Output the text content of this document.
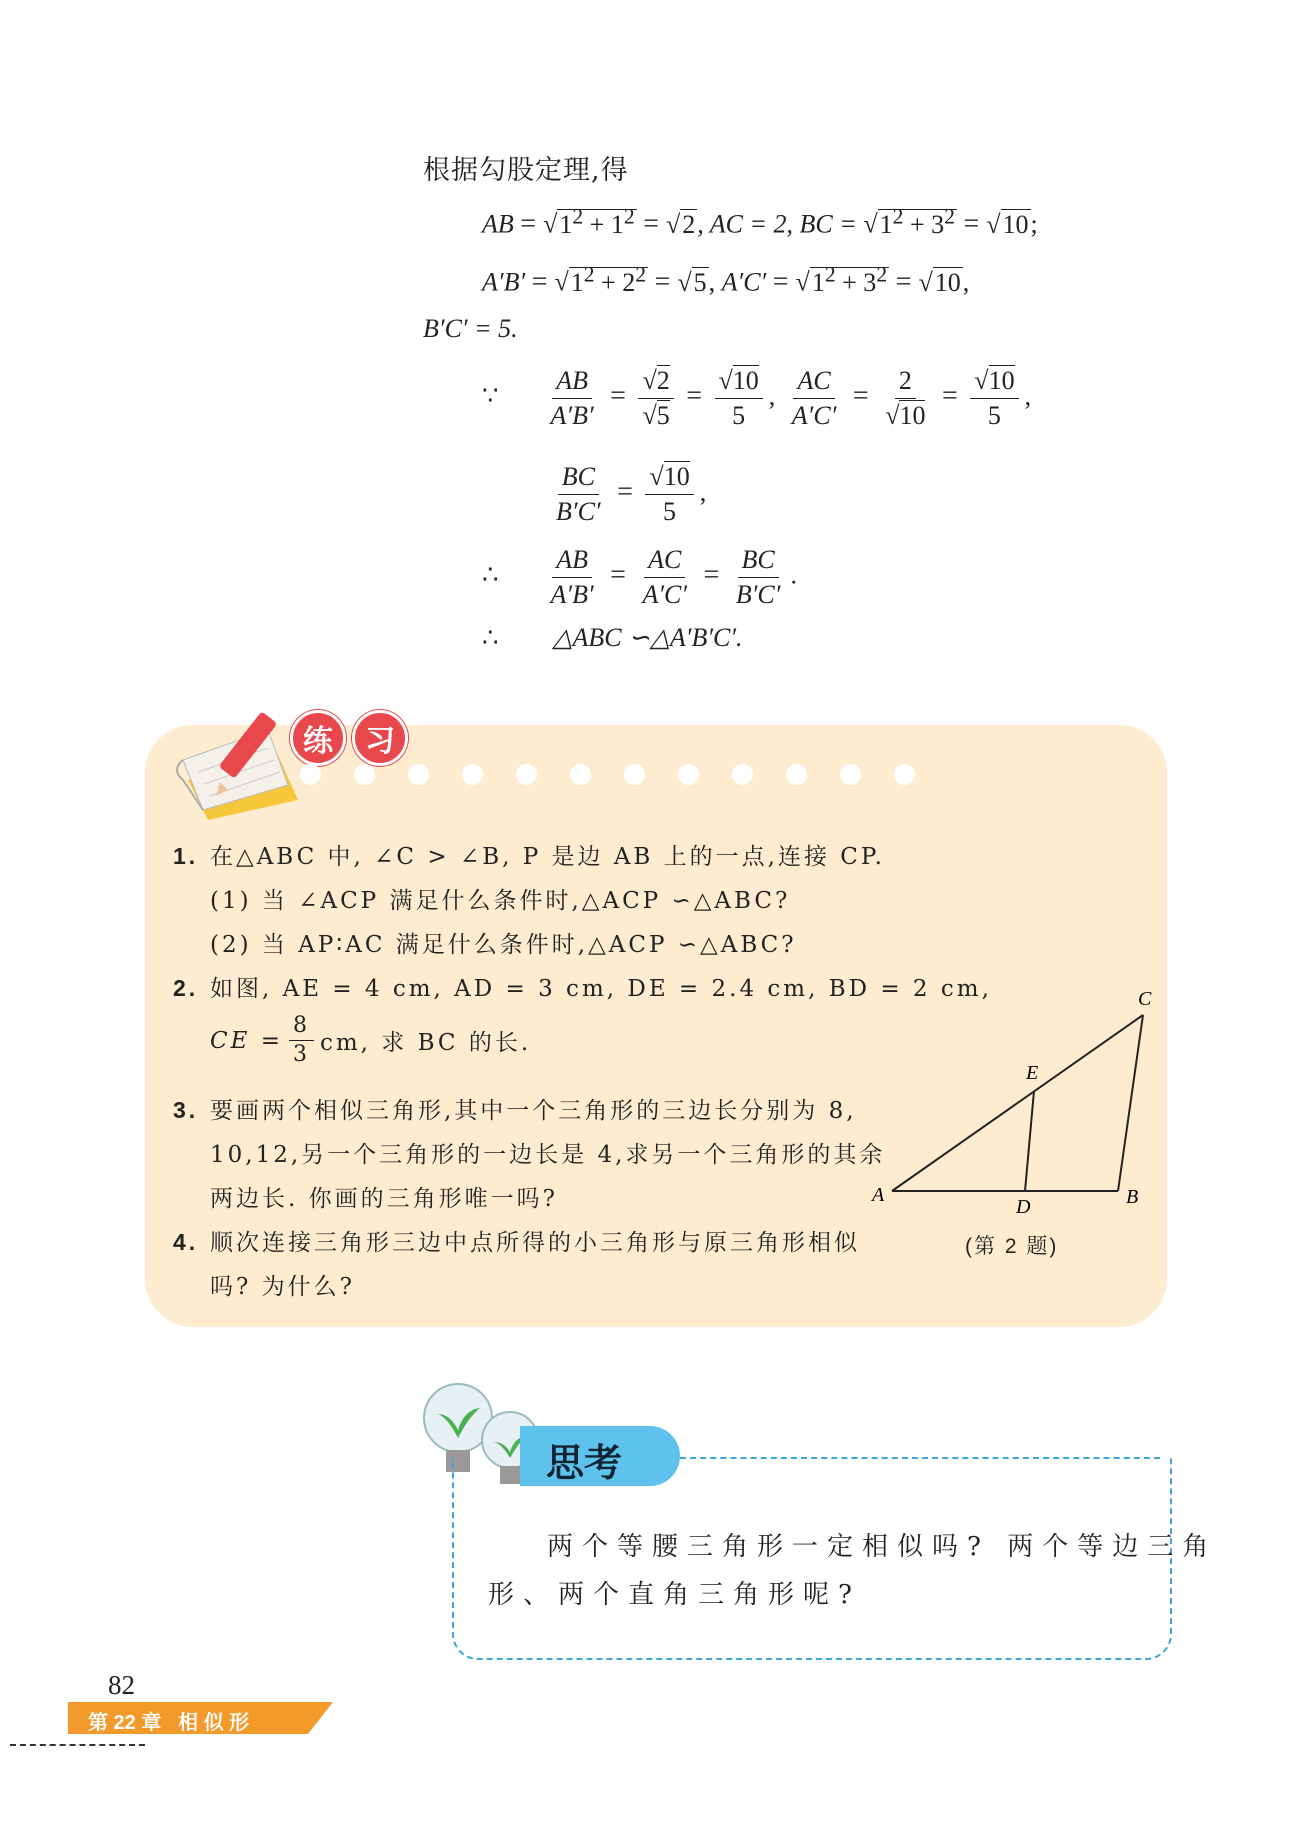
根据勾股定理,得
AB = $√1^2 + 1^2 = √2$, AC = 2, BC = $√1^2 + 3^2 = √10$;
$A'B' = √1^2 + 2^2 = √5$, $A'C' = √1^2 + 3^2 = √10$,
B′C′ = 5.
∵ $\frac{AB}{A'B'} = \frac{√2}{√5} = \frac{√10}{5}$ , $\frac{AC}{A'C'} = \frac{2}{√10} = \frac{√10}{5}$ ,
$\frac{BC}{B'C'} = \frac{√10}{5}$ ,
∴ $\frac{AB}{A'B'} = \frac{AC}{A'C'} = \frac{BC}{B'C'}$ .
∴ △ABC ∽△A′B′C′.
练	习
1. 在△ABC 中, ∠C > ∠B, P 是边 AB 上的一点,连接 CP.
(1) 当 ∠ACP 满足什么条件时,△ACP ∽△ABC?
(2) 当 AP∶AC 满足什么条件时,△ACP ∽△ABC?
2. 如图, AE = 4 cm, AD = 3 cm, DE = 2.4 cm, BD = 2 cm,
CE = $\frac{8}{3}$ cm, 求 BC 的长.
3. 要画两个相似三角形,其中一个三角形的三边长分别为 8,
10,12,另一个三角形的一边长是 4,求另一个三角形的其余
两边长. 你画的三角形唯一吗?
4. 顺次连接三角形三边中点所得的小三角形与原三角形相似
吗? 为什么?
A	B
C
D
E
(第 2 题)
思考
两个等腰三角形一定相似吗? 两个等边三角
形、两个直角三角形呢?
82
第 22 章   相 似 形
